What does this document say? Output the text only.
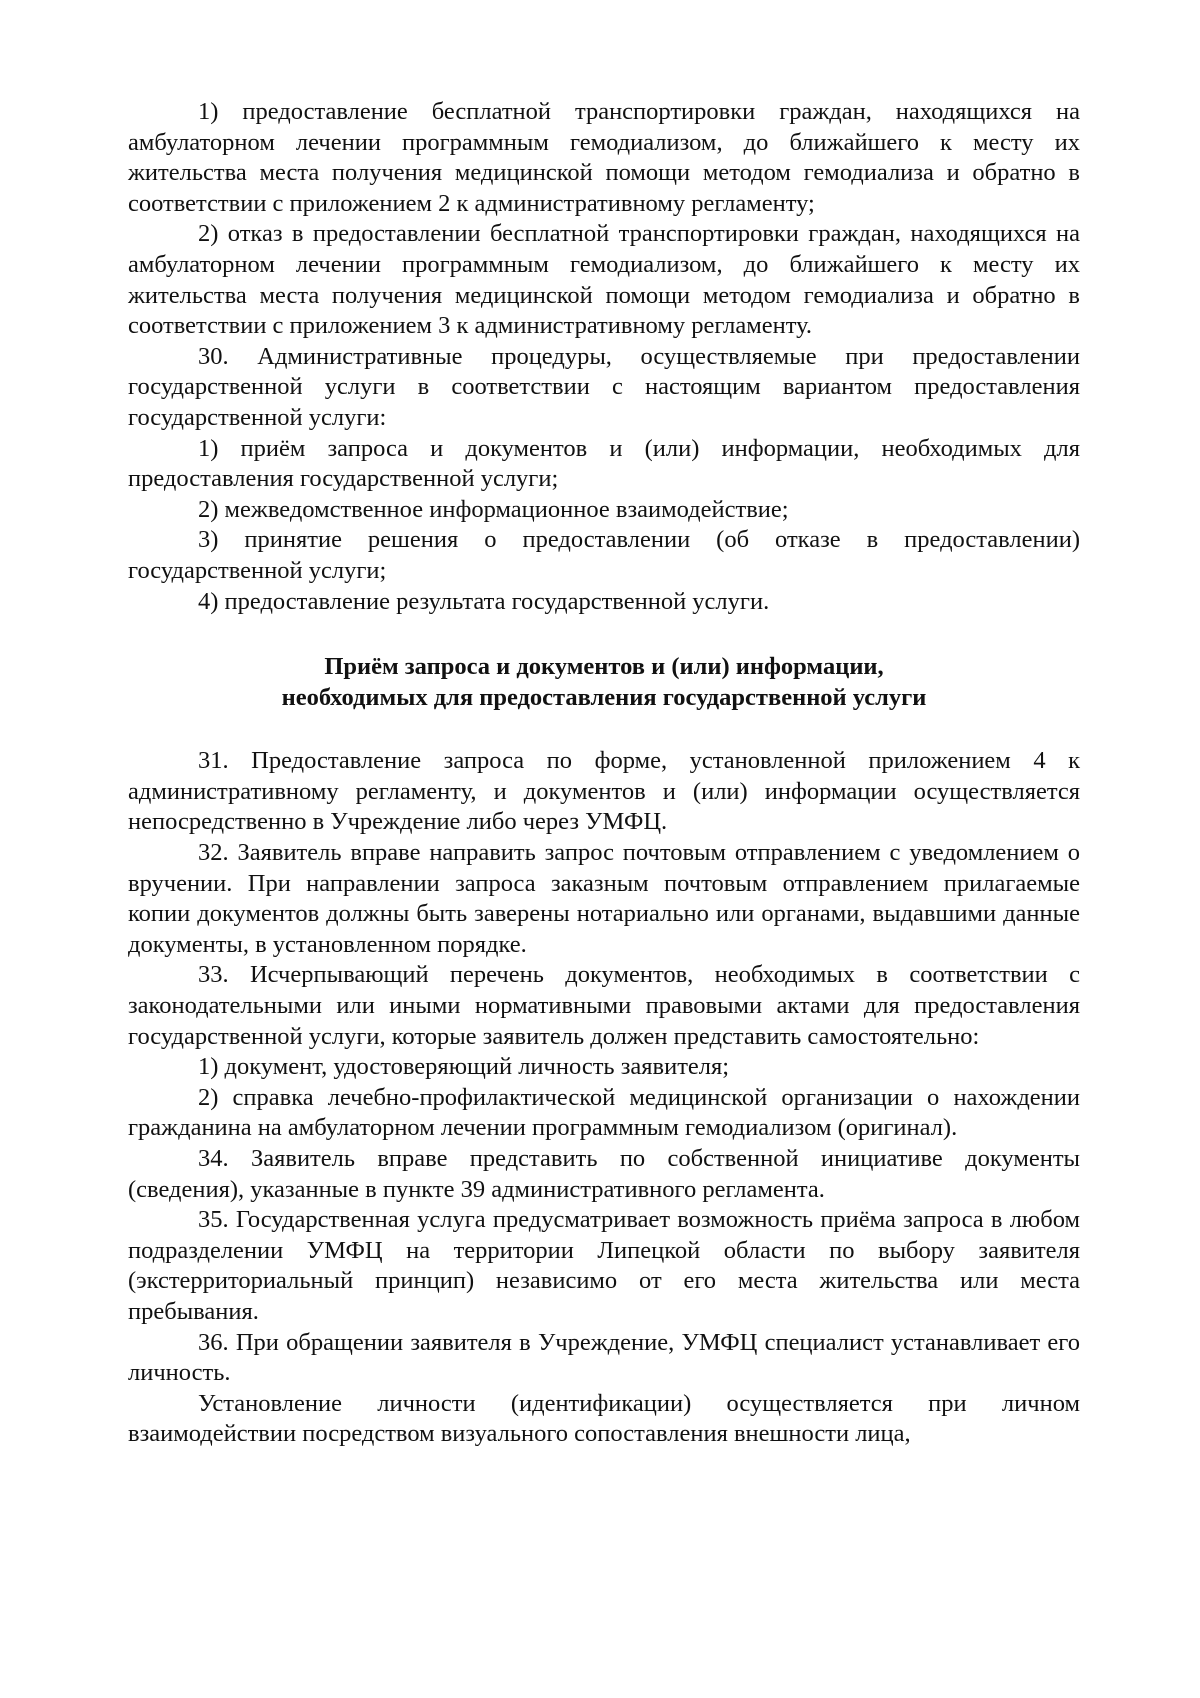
1) предоставление бесплатной транспортировки граждан, находящихся на амбулаторном лечении программным гемодиализом, до ближайшего к месту их жительства места получения медицинской помощи методом гемодиализа и обратно в соответствии с приложением 2 к административному регламенту;

2) отказ в предоставлении бесплатной транспортировки граждан, находящихся на амбулаторном лечении программным гемодиализом, до ближайшего к месту их жительства места получения медицинской помощи методом гемодиализа и обратно в соответствии с приложением 3 к административному регламенту.

30. Административные процедуры, осуществляемые при предоставлении государственной услуги в соответствии с настоящим вариантом предоставления государственной услуги:

1) приём запроса и документов и (или) информации, необходимых для предоставления государственной услуги;

2) межведомственное информационное взаимодействие;

3) принятие решения о предоставлении (об отказе в предоставлении) государственной услуги;

4) предоставление результата государственной услуги.

Приём запроса и документов и (или) информации,

необходимых для предоставления государственной услуги

31. Предоставление запроса по форме, установленной приложением 4 к административному регламенту, и документов и (или) информации осуществляется непосредственно в Учреждение либо через УМФЦ.

32. Заявитель вправе направить запрос почтовым отправлением с уведомлением о вручении. При направлении запроса заказным почтовым отправлением прилагаемые копии документов должны быть заверены нотариально или органами, выдавшими данные документы, в установленном порядке.

33. Исчерпывающий перечень документов, необходимых в соответствии с законодательными или иными нормативными правовыми актами для предоставления государственной услуги, которые заявитель должен представить самостоятельно:

1) документ, удостоверяющий личность заявителя;

2) справка лечебно-профилактической медицинской организации о нахождении гражданина на амбулаторном лечении программным гемодиализом (оригинал).

34. Заявитель вправе представить по собственной инициативе документы (сведения), указанные в пункте 39 административного регламента.

35. Государственная услуга предусматривает возможность приёма запроса в любом подразделении УМФЦ на территории Липецкой области по выбору заявителя (экстерриториальный принцип) независимо от его места жительства или места пребывания.

36. При обращении заявителя в Учреждение, УМФЦ специалист устанавливает его личность.

Установление личности (идентификации) осуществляется при личном взаимодействии посредством визуального сопоставления внешности лица,
